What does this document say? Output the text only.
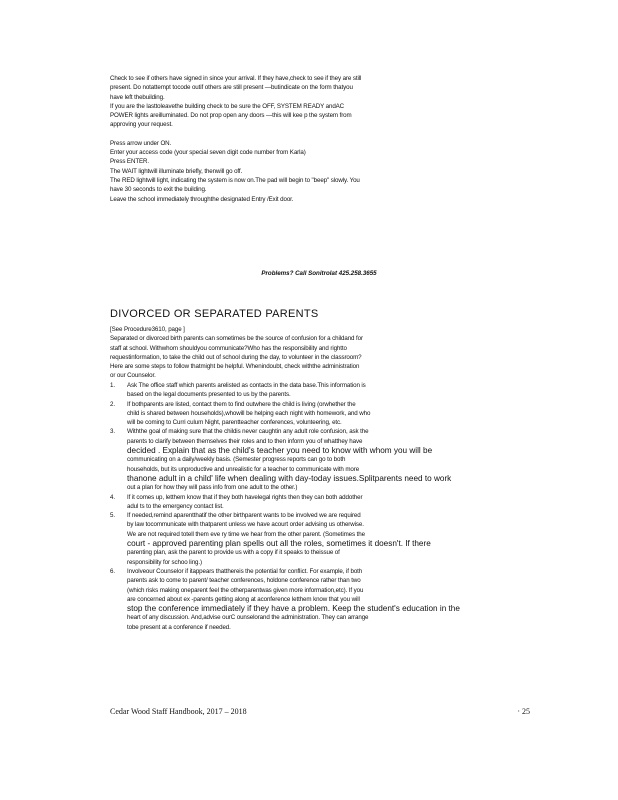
Check to see if others have signed in since your arrival. If they have,check to see if they are still

present. Do notattempt tocode outif others are still present —butindicate on the form thatyou

have left thebuilding.

If you are the lasttoleavethe building check to be sure the OFF, SYSTEM READY andAC

POWER lights areilluminated. Do not prop open any doors —this will kee p the system from

approving your request.

Press arrow under ON.

Enter your access code (your special seven digit code number from Karla)

Press ENTER.

The WAIT lightwill illuminate briefly, thenwill go off.

The RED lightwill light, indicating the system is now on.The pad will begin to "beep" slowly. You

have 30 seconds to exit the building.

Leave the school immediately throughthe designated Entry /Exit door.

Problems? Call Sonitrolat 425.258.3655
DIVORCED OR SEPARATED PARENTS

[See Procedure3610, page ]

Separated or divorced birth parents can sometimes be the source of confusion for a childand for

staff at school. Withwhom shouldyou communicate?Who has the responsibility and rightto

requestinformation, to take the child out of school during the day, to volunteer in the classroom?

Here are some steps to follow thatmight be helpful. Whenindoubt, check withthe administration

or our Counselor.

1. Ask The office staff which parents arelisted as contacts in the data base.This information is

based on the legal documents presented to us by the parents.

2. If bothparents are listed, contact them to find outwhere the child is living (orwhether the

child is shared between households),whowill be helping each night with homework, and who

will be coming to Curri culum Night, parentteacher conferences, volunteering, etc.

3. Withthe goal of making sure that the childis never caughtin any adult role confusion, ask the

parents to clarify between themselves their roles and to then inform you of whatthey have

decided . Explain that as the child's teacher you need to know with whom you will be

communicating on a daily/weekly basis. (Semester progress reports can go to both

households, but its unproductive and unrealistic for a teacher to communicate with more

thanone adult in a child' life when dealing with day-today issues.Splitparents need to work

out a plan for how they will pass info from one adult to the other.)

4. If it comes up, letthem know that if they both havelegal rights then they can both addother

adul ts to the emergency contact list.

5. If needed,remind aparentthatif the other birthparent wants to be involved we are required

by law tocommunicate with thatparent unless we have acourt order advising us otherwise.

We are not required totell them eve ry time we hear from the other parent. (Sometimes the

court - approved parenting plan spells out all the roles, sometimes it doesn't. If there

parenting plan, ask the parent to provide us with a copy if it speaks to theissue of

responsibility for schoo ling.)

6. Involveour Counselor if itappears thatthereis the potential for conflict. For example, if both

parents ask to come to parent/ teacher conferences, holdone conference rather than two

(which risks making oneparent feel the otherparentwas given more information,etc). If you

are concerned about ex -parents getting along at aconference letthem know that you will

stop the conference immediately if they have a problem. Keep the student's education in the

heart of any discussion. And,advise ourC ounselorand the administration. They can arrange

tobe present at a conference if needed.

Cedar Wood Staff Handbook, 2017 – 2018	· 25
